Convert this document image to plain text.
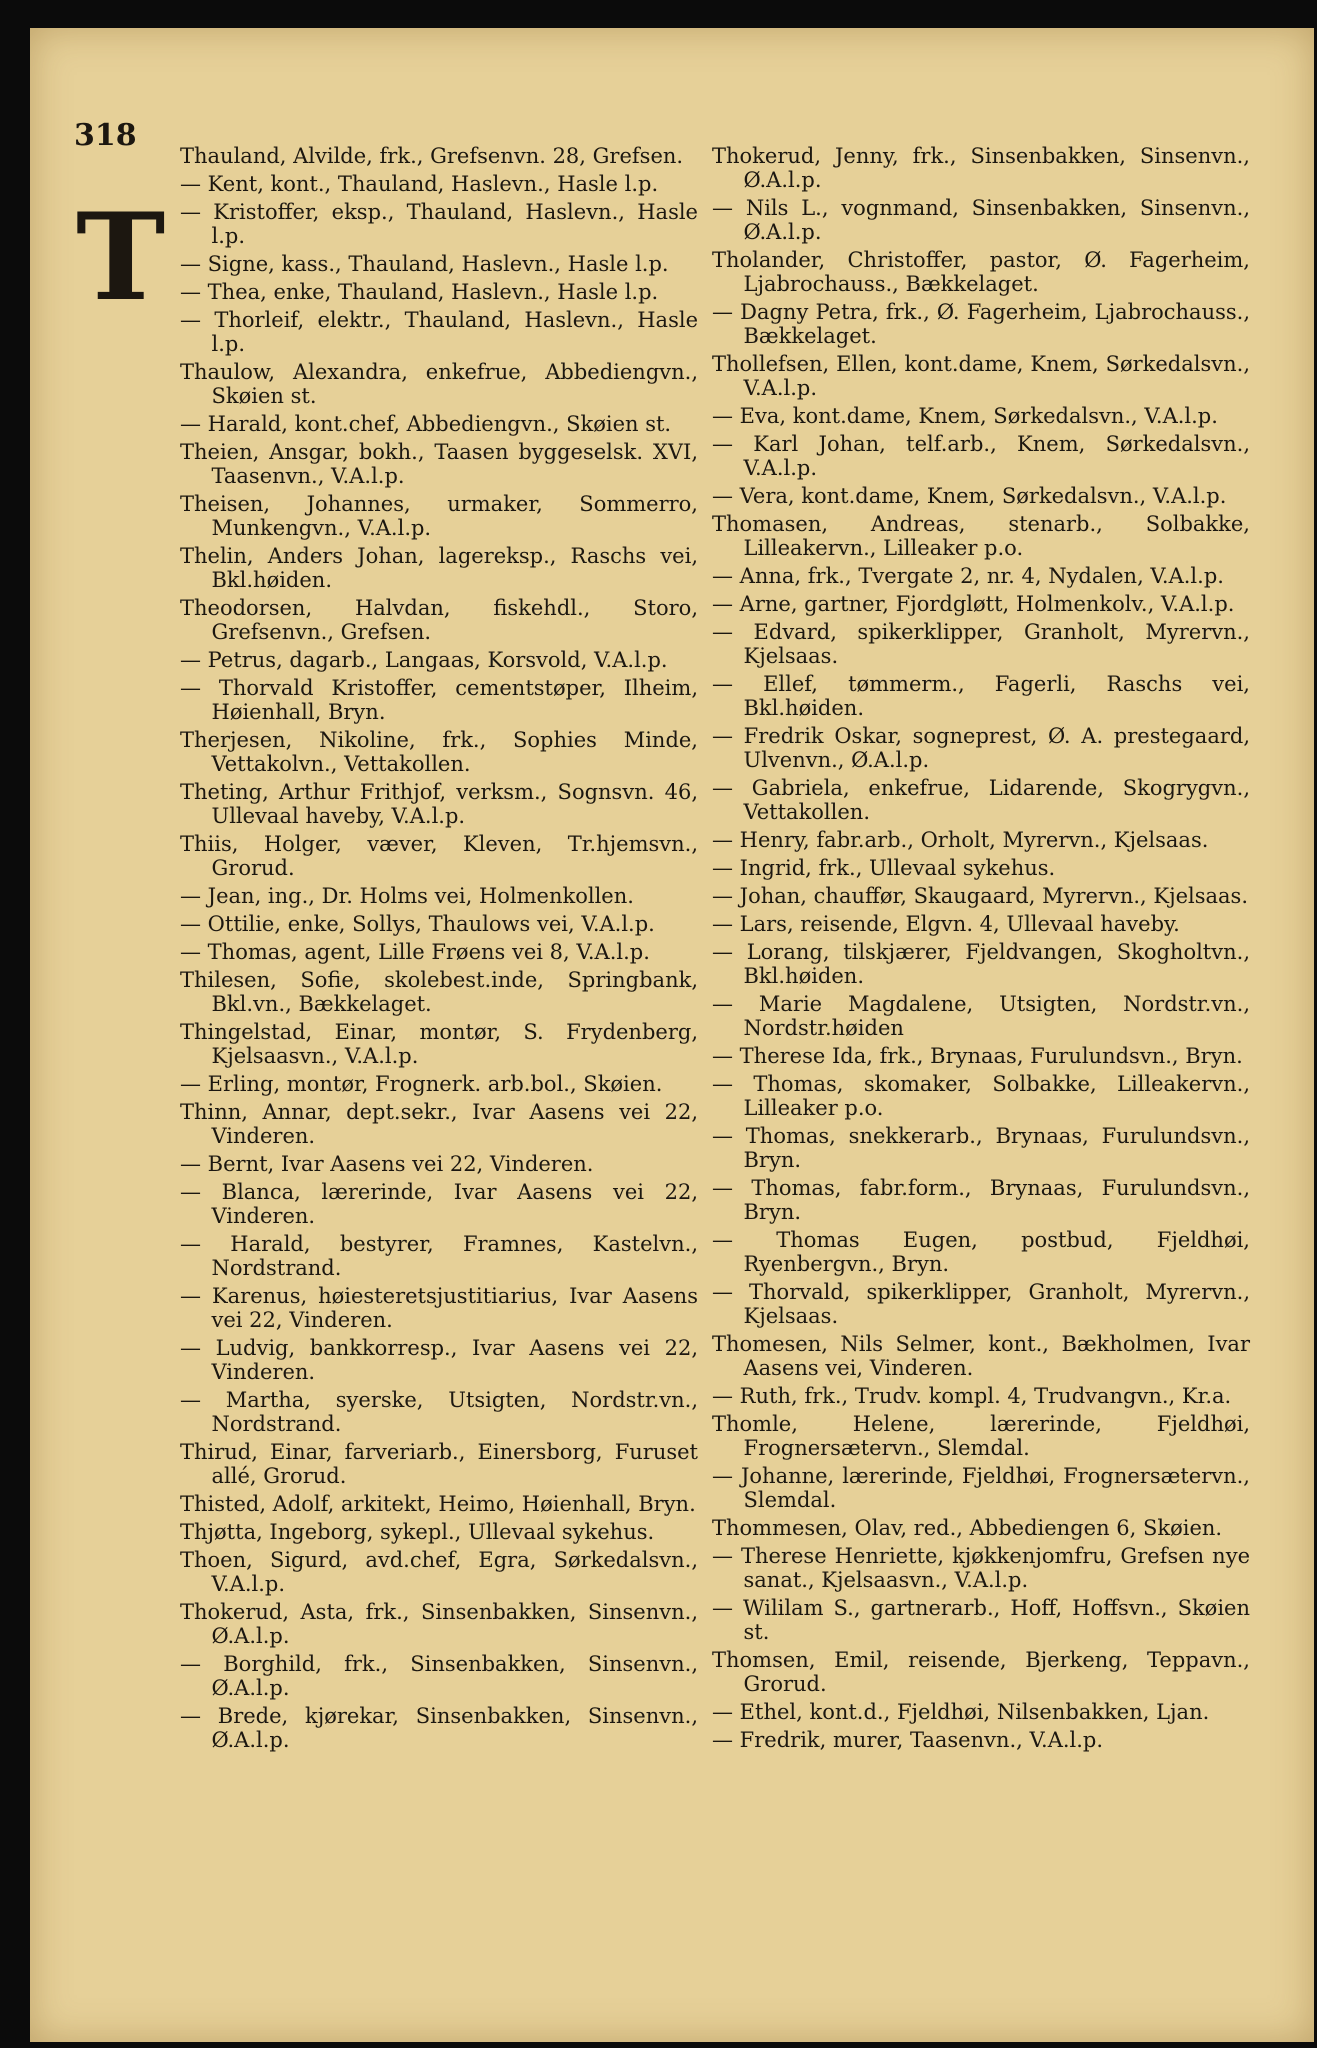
318
T

Thauland, Alvilde, frk., Grefsenvn. 28, Grefsen.

— Kent, kont., Thauland, Haslevn., Hasle l.p.

— Kristoffer, eksp., Thauland, Haslevn., Hasle l.p.

— Signe, kass., Thauland, Haslevn., Hasle l.p.

— Thea, enke, Thauland, Haslevn., Hasle l.p.

— Thorleif, elektr., Thauland, Haslevn., Hasle l.p.

Thaulow, Alexandra, enkefrue, Abbediengvn., Skøien st.

— Harald, kont.chef, Abbediengvn., Skøien st.

Theien, Ansgar, bokh., Taasen byggeselsk. XVI, Taasenvn., V.A.l.p.

Theisen, Johannes, urmaker, Sommerro, Munkengvn., V.A.l.p.

Thelin, Anders Johan, lagereksp., Raschs vei, Bkl.høiden.

Theodorsen, Halvdan, fiskehdl., Storo, Grefsenvn., Grefsen.

— Petrus, dagarb., Langaas, Korsvold, V.A.l.p.

— Thorvald Kristoffer, cementstøper, Ilheim, Høienhall, Bryn.

Therjesen, Nikoline, frk., Sophies Minde, Vettakolvn., Vettakollen.

Theting, Arthur Frithjof, verksm., Sognsvn. 46, Ullevaal haveby, V.A.l.p.

Thiis, Holger, væver, Kleven, Tr.hjemsvn., Grorud.

— Jean, ing., Dr. Holms vei, Holmenkollen.

— Ottilie, enke, Sollys, Thaulows vei, V.A.l.p.

— Thomas, agent, Lille Frøens vei 8, V.A.l.p.

Thilesen, Sofie, skolebest.inde, Springbank, Bkl.vn., Bækkelaget.

Thingelstad, Einar, montør, S. Frydenberg, Kjelsaasvn., V.A.l.p.

— Erling, montør, Frognerk. arb.bol., Skøien.

Thinn, Annar, dept.sekr., Ivar Aasens vei 22, Vinderen.

— Bernt, Ivar Aasens vei 22, Vinderen.

— Blanca, lærerinde, Ivar Aasens vei 22, Vinderen.

— Harald, bestyrer, Framnes, Kastelvn., Nordstrand.

— Karenus, høiesteretsjustitiarius, Ivar Aasens vei 22, Vinderen.

— Ludvig, bankkorresp., Ivar Aasens vei 22, Vinderen.

— Martha, syerske, Utsigten, Nordstr.vn., Nordstrand.

Thirud, Einar, farveriarb., Einersborg, Furuset allé, Grorud.

Thisted, Adolf, arkitekt, Heimo, Høienhall, Bryn.

Thjøtta, Ingeborg, sykepl., Ullevaal sykehus.

Thoen, Sigurd, avd.chef, Egra, Sørkedalsvn., V.A.l.p.

Thokerud, Asta, frk., Sinsenbakken, Sinsenvn., Ø.A.l.p.

— Borghild, frk., Sinsenbakken, Sinsenvn., Ø.A.l.p.

— Brede, kjørekar, Sinsenbakken, Sinsenvn., Ø.A.l.p.

Thokerud, Jenny, frk., Sinsenbakken, Sinsenvn., Ø.A.l.p.

— Nils L., vognmand, Sinsenbakken, Sinsenvn., Ø.A.l.p.

Tholander, Christoffer, pastor, Ø. Fagerheim, Ljabrochauss., Bækkelaget.

— Dagny Petra, frk., Ø. Fagerheim, Ljabrochauss., Bækkelaget.

Thollefsen, Ellen, kont.dame, Knem, Sørkedalsvn., V.A.l.p.

— Eva, kont.dame, Knem, Sørkedalsvn., V.A.l.p.

— Karl Johan, telf.arb., Knem, Sørkedalsvn., V.A.l.p.

— Vera, kont.dame, Knem, Sørkedalsvn., V.A.l.p.

Thomasen, Andreas, stenarb., Solbakke, Lilleakervn., Lilleaker p.o.

— Anna, frk., Tvergate 2, nr. 4, Nydalen, V.A.l.p.

— Arne, gartner, Fjordgløtt, Holmenkolv., V.A.l.p.

— Edvard, spikerklipper, Granholt, Myrervn., Kjelsaas.

— Ellef, tømmerm., Fagerli, Raschs vei, Bkl.høiden.

— Fredrik Oskar, sogneprest, Ø. A. prestegaard, Ulvenvn., Ø.A.l.p.

— Gabriela, enkefrue, Lidarende, Skogrygvn., Vettakollen.

— Henry, fabr.arb., Orholt, Myrervn., Kjelsaas.

— Ingrid, frk., Ullevaal sykehus.

— Johan, chauffør, Skaugaard, Myrervn., Kjelsaas.

— Lars, reisende, Elgvn. 4, Ullevaal haveby.

— Lorang, tilskjærer, Fjeldvangen, Skogholtvn., Bkl.høiden.

— Marie Magdalene, Utsigten, Nordstr.vn., Nordstr.høiden

— Therese Ida, frk., Brynaas, Furulundsvn., Bryn.

— Thomas, skomaker, Solbakke, Lilleakervn., Lilleaker p.o.

— Thomas, snekkerarb., Brynaas, Furulundsvn., Bryn.

— Thomas, fabr.form., Brynaas, Furulundsvn., Bryn.

— Thomas Eugen, postbud, Fjeldhøi, Ryenbergvn., Bryn.

— Thorvald, spikerklipper, Granholt, Myrervn., Kjelsaas.

Thomesen, Nils Selmer, kont., Bækholmen, Ivar Aasens vei, Vinderen.

— Ruth, frk., Trudv. kompl. 4, Trudvangvn., Kr.a.

Thomle, Helene, lærerinde, Fjeldhøi, Frognersætervn., Slemdal.

— Johanne, lærerinde, Fjeldhøi, Frognersætervn., Slemdal.

Thommesen, Olav, red., Abbediengen 6, Skøien.

— Therese Henriette, kjøkkenjomfru, Grefsen nye sanat., Kjelsaasvn., V.A.l.p.

— Wililam S., gartnerarb., Hoff, Hoffsvn., Skøien st.

Thomsen, Emil, reisende, Bjerkeng, Teppavn., Grorud.

— Ethel, kont.d., Fjeldhøi, Nilsenbakken, Ljan.

— Fredrik, murer, Taasenvn., V.A.l.p.
